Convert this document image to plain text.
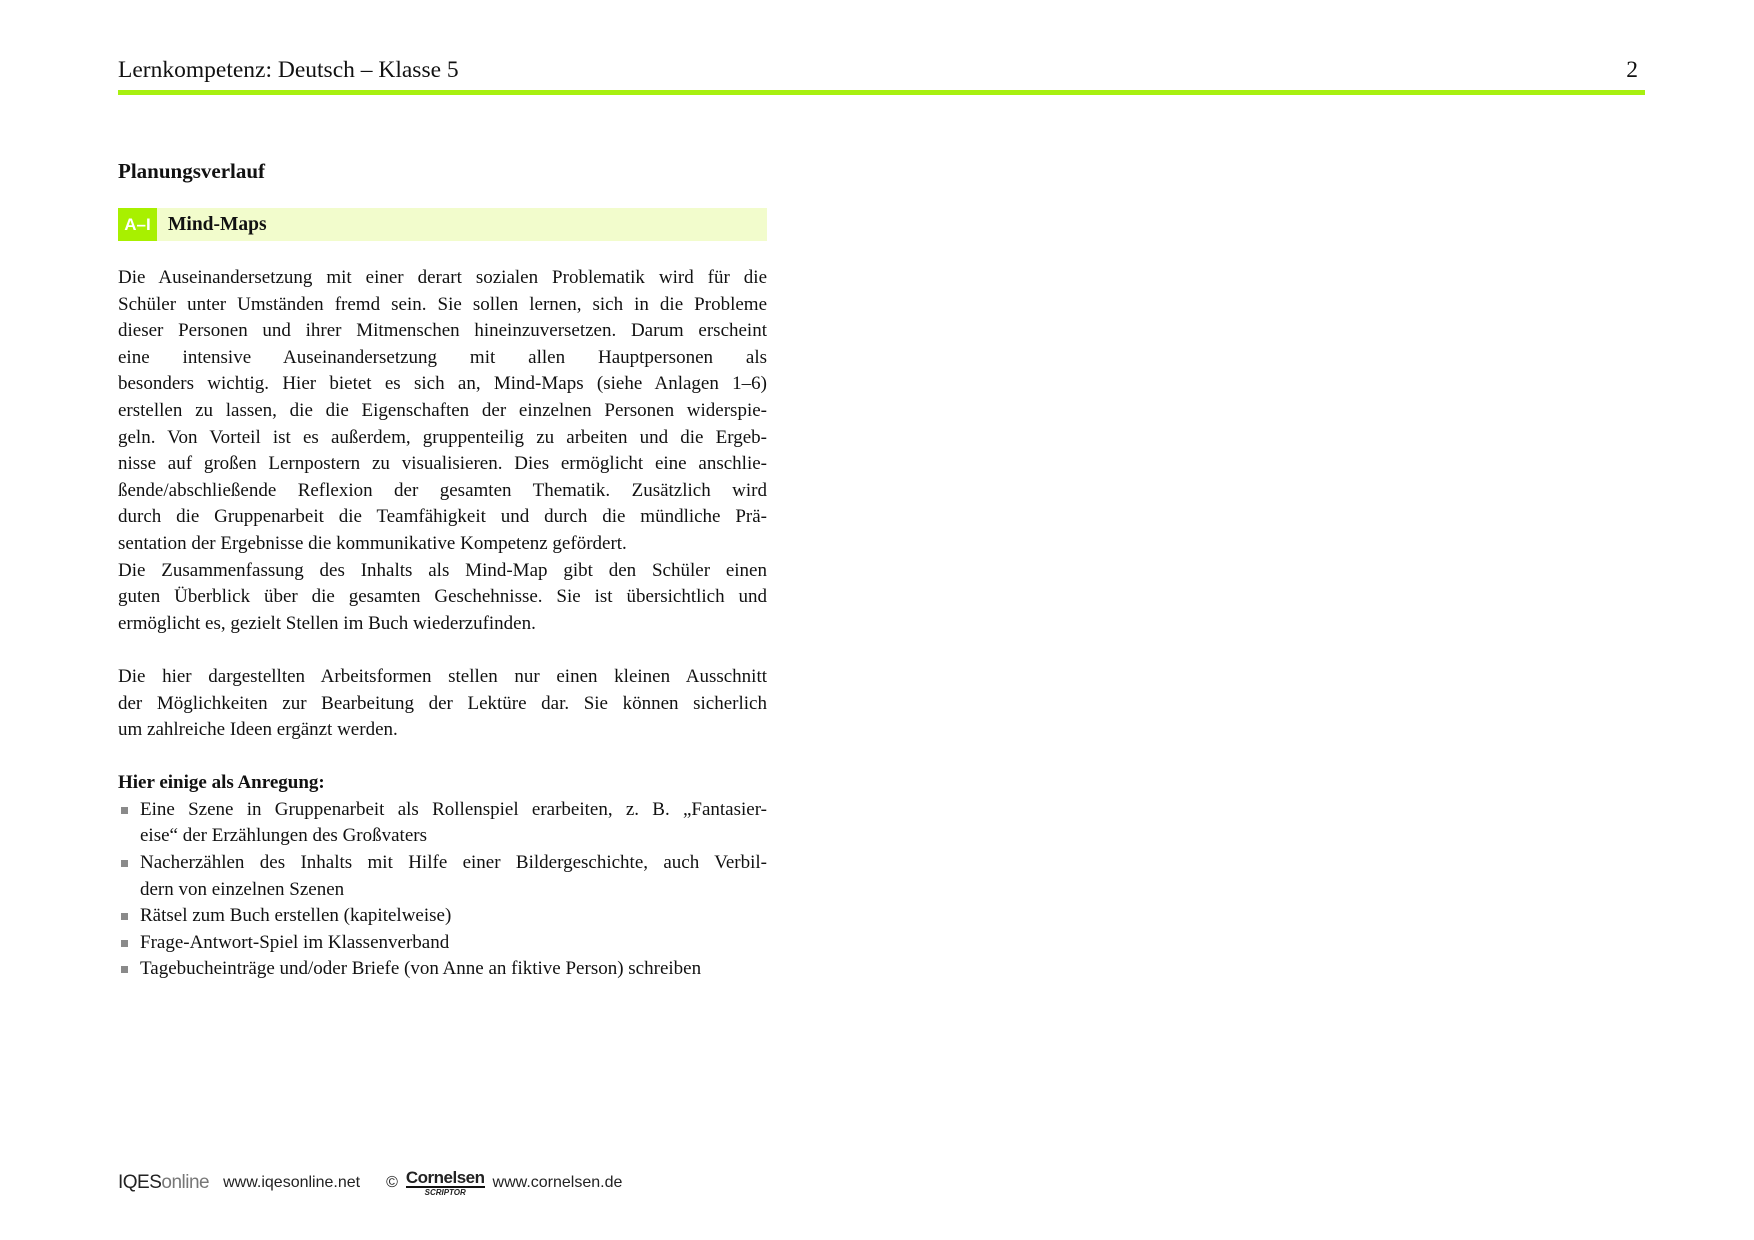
Lernkompetenz: Deutsch – Klasse 5	2
Planungsverlauf
A–I Mind-Maps
Die Auseinandersetzung mit einer derart sozialen Problematik wird für die
Schüler unter Umständen fremd sein. Sie sollen lernen, sich in die Probleme
dieser Personen und ihrer Mitmenschen hineinzuversetzen. Darum erscheint
eine intensive Auseinandersetzung mit allen Hauptpersonen als
besonders wichtig. Hier bietet es sich an, Mind-Maps (siehe Anlagen 1–6)
erstellen zu lassen, die die Eigenschaften der einzelnen Personen widerspie-
geln. Von Vorteil ist es außerdem, gruppenteilig zu arbeiten und die Ergeb-
nisse auf großen Lernpostern zu visualisieren. Dies ermöglicht eine anschlie-
ßende/abschließende Reflexion der gesamten Thematik. Zusätzlich wird
durch die Gruppenarbeit die Teamfähigkeit und durch die mündliche Prä-
sentation der Ergebnisse die kommunikative Kompetenz gefördert.
Die Zusammenfassung des Inhalts als Mind-Map gibt den Schüler einen
guten Überblick über die gesamten Geschehnisse. Sie ist übersichtlich und
ermöglicht es, gezielt Stellen im Buch wiederzufinden.
Die hier dargestellten Arbeitsformen stellen nur einen kleinen Ausschnitt
der Möglichkeiten zur Bearbeitung der Lektüre dar. Sie können sicherlich
um zahlreiche Ideen ergänzt werden.
Hier einige als Anregung:
Eine Szene in Gruppenarbeit als Rollenspiel erarbeiten, z. B. „Fantasier-
eise“ der Erzählungen des Großvaters
Nacherzählen des Inhalts mit Hilfe einer Bildergeschichte, auch Verbil-
dern von einzelnen Szenen
Rätsel zum Buch erstellen (kapitelweise)
Frage-Antwort-Spiel im Klassenverband
Tagebucheinträge und/oder Briefe (von Anne an fiktive Person) schreiben
IQESonline www.iqesonline.net © Cornelsen
SCRIPTOR
www.cornelsen.de
